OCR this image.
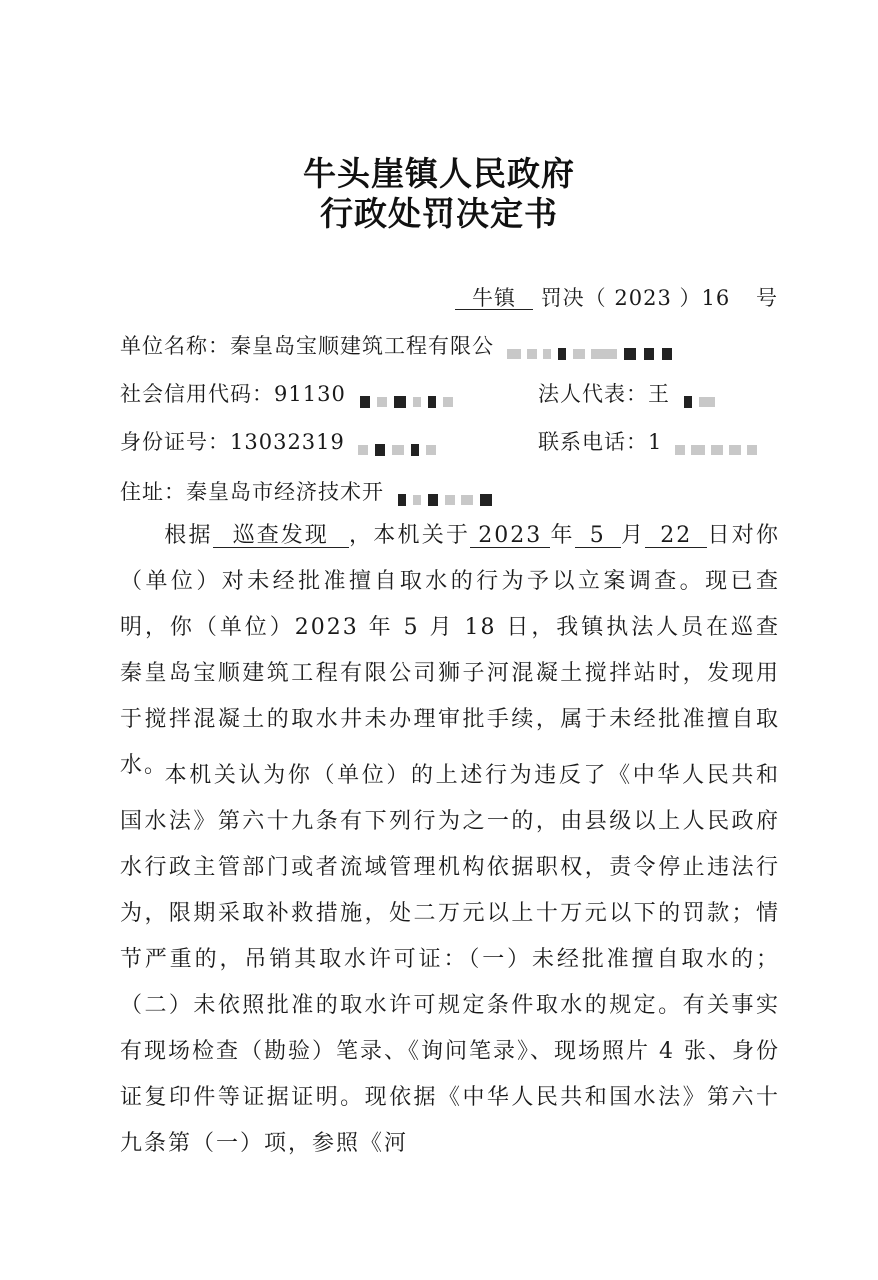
牛头崖镇人民政府
行政处罚决定书
牛镇 罚决（ 2023 ）16 号
单位名称：秦皇岛宝顺建筑工程有限公
社会信用代码：91130	法人代表：王
身份证号：13032319	联系电话：1
住址：秦皇岛市经济技术开
根据 巡查发现 ，本机关于 2023 年 5 月 22 日对你（单位）对未经批准擅自取水的行为予以立案调查。现已查明，你（单位）2023 年 5 月 18 日，我镇执法人员在巡查秦皇岛宝顺建筑工程有限公司狮子河混凝土搅拌站时，发现用于搅拌混凝土的取水井未办理审批手续，属于未经批准擅自取水。
本机关认为你（单位）的上述行为违反了《中华人民共和国水法》第六十九条有下列行为之一的，由县级以上人民政府水行政主管部门或者流域管理机构依据职权，责令停止违法行为，限期采取补救措施，处二万元以上十万元以下的罚款；情节严重的，吊销其取水许可证：（一）未经批准擅自取水的；（二）未依照批准的取水许可规定条件取水的规定。有关事实有现场检查（勘验）笔录、《询问笔录》、现场照片 4 张、身份证复印件等证据证明。现依据《中华人民共和国水法》第六十九条第（一）项，参照《河
